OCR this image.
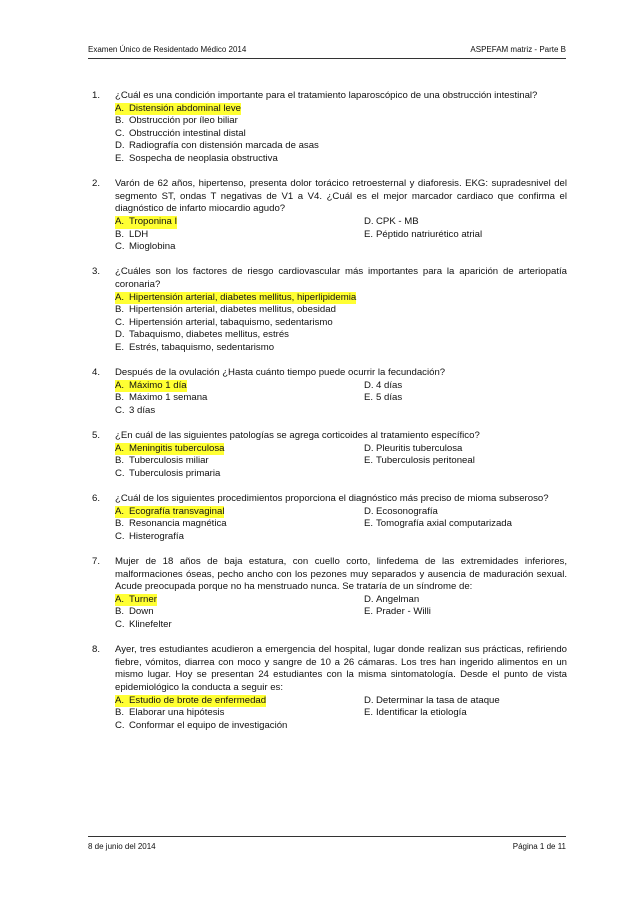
Examen Único de Residentado Médico 2014	ASPEFAM matriz - Parte B
1. ¿Cuál es una condición importante para el tratamiento laparoscópico de una obstrucción intestinal?
A. Distensión abdominal leve
B. Obstrucción por íleo biliar
C. Obstrucción intestinal distal
D. Radiografía con distensión marcada de asas
E. Sospecha de neoplasia obstructiva
2. Varón de 62 años, hipertenso, presenta dolor torácico retroesternal y diaforesis. EKG: supradesnivel del segmento ST, ondas T negativas de V1 a V4. ¿Cuál es el mejor marcador cardiaco que confirma el diagnóstico de infarto miocardio agudo?
A. Troponina I	D. CPK - MB
B. LDH	E. Péptido natriurético atrial
C. Mioglobina
3. ¿Cuáles son los factores de riesgo cardiovascular más importantes para la aparición de arteriopatía coronaria?
A. Hipertensión arterial, diabetes mellitus, hiperlipidemia
B. Hipertensión arterial, diabetes mellitus, obesidad
C. Hipertensión arterial, tabaquismo, sedentarismo
D. Tabaquismo, diabetes mellitus, estrés
E. Estrés, tabaquismo, sedentarismo
4. Después de la ovulación ¿Hasta cuánto tiempo puede ocurrir la fecundación?
A. Máximo 1 día	D. 4 días
B. Máximo 1 semana	E. 5 días
C. 3 días
5. ¿En cuál de las siguientes patologías se agrega corticoides al tratamiento específico?
A. Meningitis tuberculosa	D. Pleuritis tuberculosa
B. Tuberculosis miliar	E. Tuberculosis peritoneal
C. Tuberculosis primaria
6. ¿Cuál de los siguientes procedimientos proporciona el diagnóstico más preciso de mioma subseroso?
A. Ecografía transvaginal	D. Ecosonografía
B. Resonancia magnética	E. Tomografía axial computarizada
C. Histerografía
7. Mujer de 18 años de baja estatura, con cuello corto, linfedema de las extremidades inferiores, malformaciones óseas, pecho ancho con los pezones muy separados y ausencia de maduración sexual. Acude preocupada porque no ha menstruado nunca. Se trataría de un síndrome de:
A. Turner	D. Angelman
B. Down	E. Prader - Willi
C. Klinefelter
8. Ayer, tres estudiantes acudieron a emergencia del hospital, lugar donde realizan sus prácticas, refiriendo fiebre, vómitos, diarrea con moco y sangre de 10 a 26 cámaras. Los tres han ingerido alimentos en un mismo lugar. Hoy se presentan 24 estudiantes con la misma sintomatología. Desde el punto de vista epidemiológico la conducta a seguir es:
A. Estudio de brote de enfermedad	D. Determinar la tasa de ataque
B. Elaborar una hipótesis	E. Identificar la etiología
C. Conformar el equipo de investigación
8 de junio del 2014	Página 1 de 11
